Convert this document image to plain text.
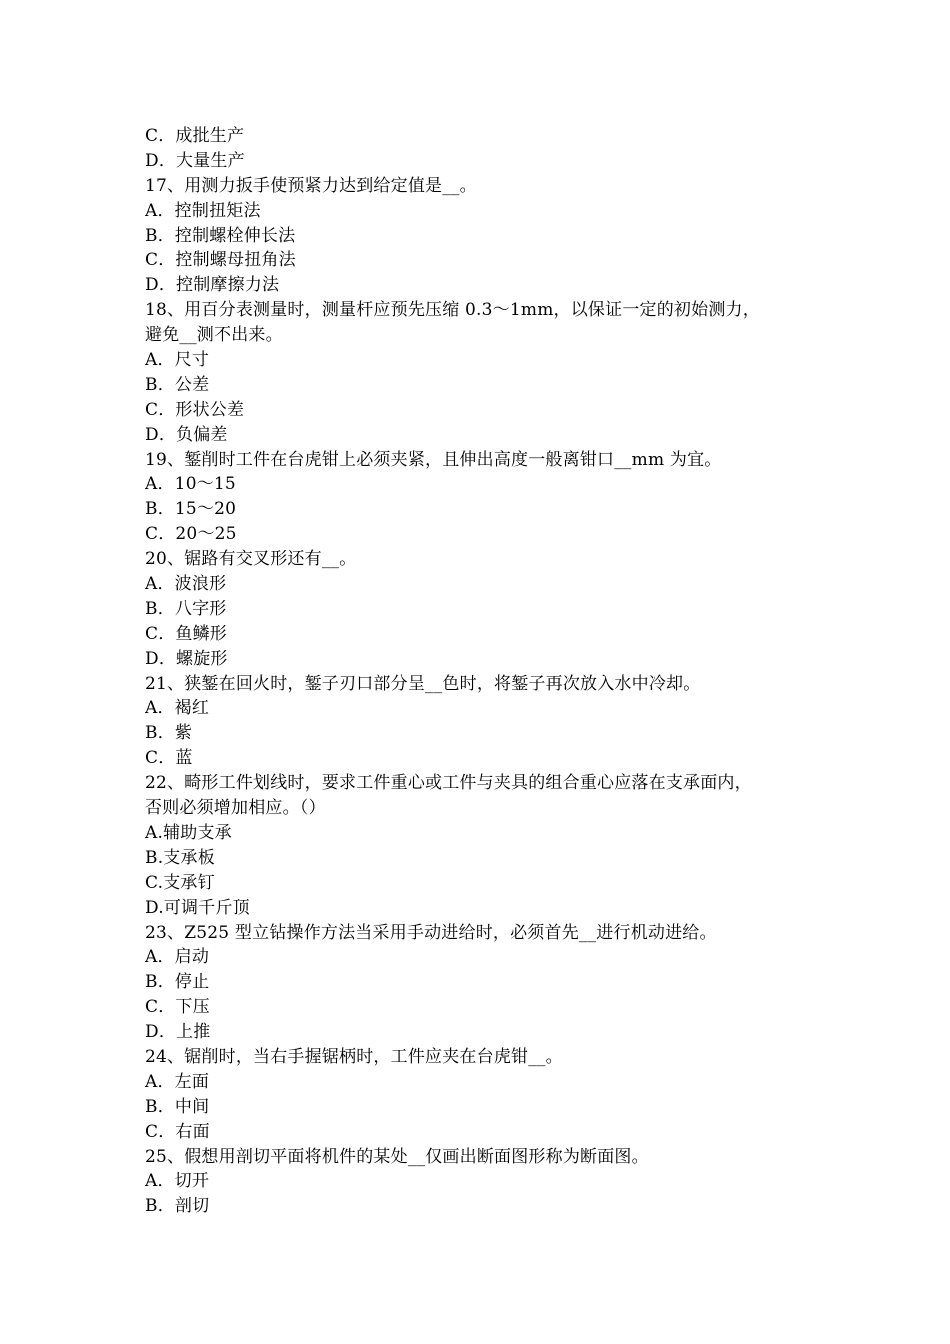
C．成批生产
D．大量生产
17、用测力扳手使预紧力达到给定值是__。
A．控制扭矩法
B．控制螺栓伸长法
C．控制螺母扭角法
D．控制摩擦力法
18、用百分表测量时，测量杆应预先压缩 0.3～1mm，以保证一定的初始测力，
避免__测不出来。
A．尺寸
B．公差
C．形状公差
D．负偏差
19、錾削时工件在台虎钳上必须夹紧，且伸出高度一般离钳口__mm 为宜。
A．10～15
B．15～20
C．20～25
20、锯路有交叉形还有__。
A．波浪形
B．八字形
C．鱼鳞形
D．螺旋形
21、狭錾在回火时，錾子刃口部分呈__色时，将錾子再次放入水中冷却。
A．褐红
B．紫
C．蓝
22、畸形工件划线时，要求工件重心或工件与夹具的组合重心应落在支承面内，
否则必须增加相应。（）
A.辅助支承
B.支承板
C.支承钉
D.可调千斤顶
23、Z525 型立钻操作方法当采用手动进给时，必须首先__进行机动进给。
A．启动
B．停止
C．下压
D．上推
24、锯削时，当右手握锯柄时，工件应夹在台虎钳__。
A．左面
B．中间
C．右面
25、假想用剖切平面将机件的某处__仅画出断面图形称为断面图。
A．切开
B．剖切
